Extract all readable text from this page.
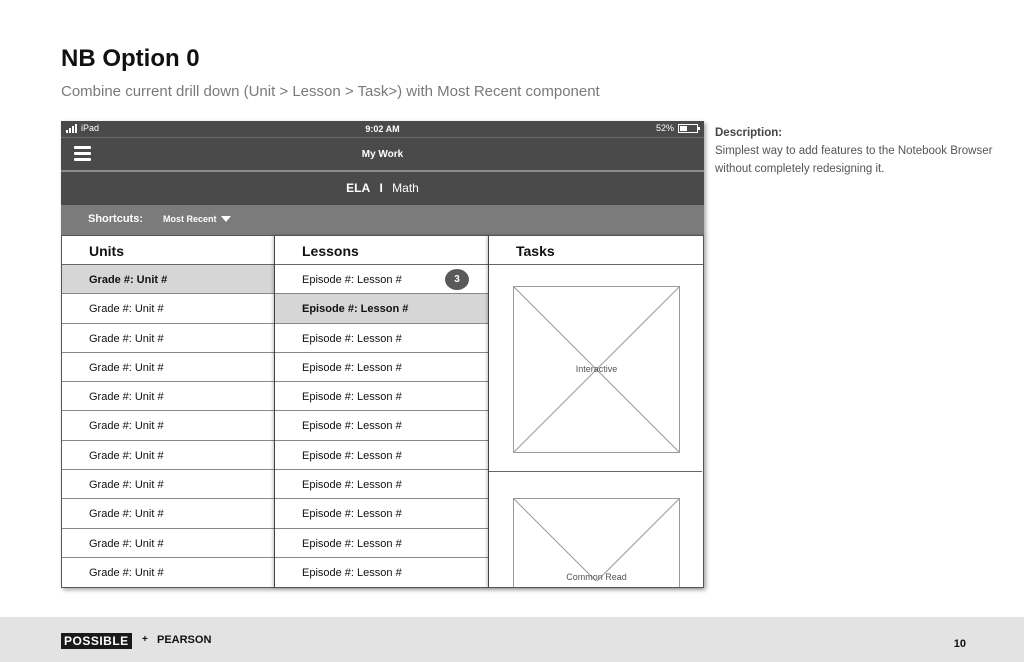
NB Option 0
Combine current drill down (Unit > Lesson > Task>) with Most Recent component
iPad	9:02 AM	52%
My Work
ELA I Math
Shortcuts: Most Recent
Units
Grade #: Unit #
Grade #: Unit #
Grade #: Unit #
Grade #: Unit #
Grade #: Unit #
Grade #: Unit #
Grade #: Unit #
Grade #: Unit #
Grade #: Unit #
Grade #: Unit #
Grade #: Unit #
Lessons
Episode #: Lesson #	3
Episode #: Lesson #
Episode #: Lesson #
Episode #: Lesson #
Episode #: Lesson #
Episode #: Lesson #
Episode #: Lesson #
Episode #: Lesson #
Episode #: Lesson #
Episode #: Lesson #
Episode #: Lesson #
Tasks
Interactive
Common Read
Description:
Simplest way to add features to the Notebook Browser without completely redesigning it.
POSSIBLE	+ PEARSON	10
